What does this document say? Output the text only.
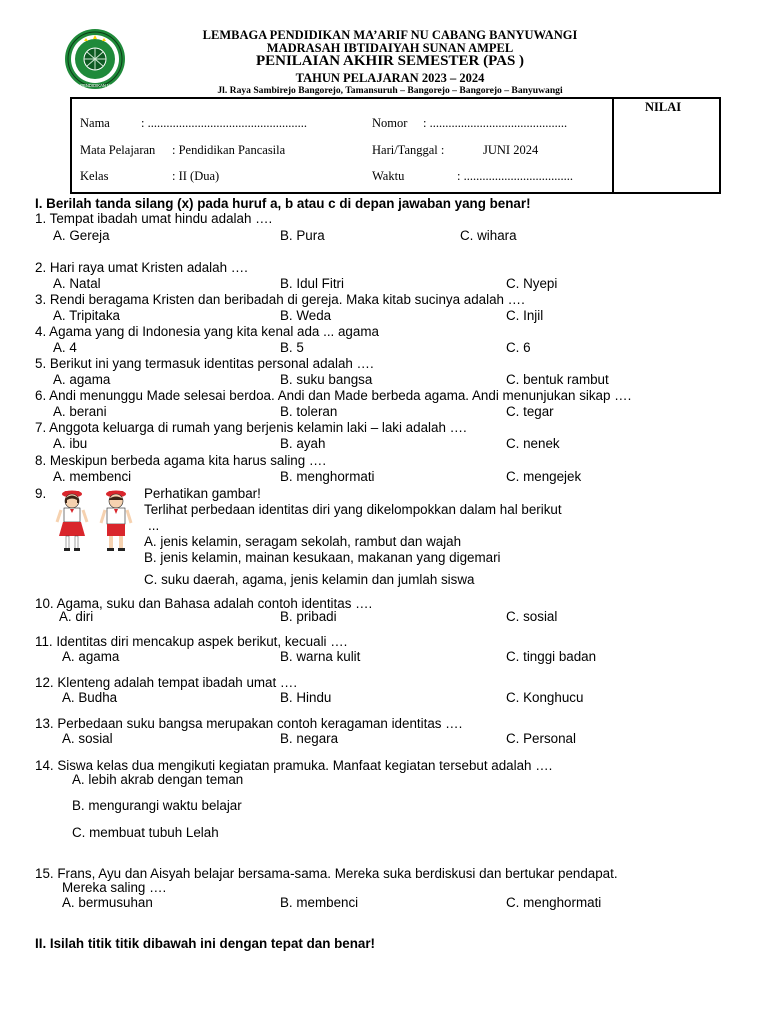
LEMBAGA PENDIDIKAN MA'ARIF NU
LEMBAGA PENDIDIKAN MA’ARIF NU CABANG BANYUWANGI
MADRASAH IBTIDAIYAH SUNAN AMPEL
PENILAIAN AKHIR SEMESTER (PAS )
TAHUN PELAJARAN 2023 – 2024
Jl. Raya Sambirejo Bangorejo, Tamansuruh – Bangorejo – Bangorejo – Banyuwangi
Nama : ...................................................	Nomor : ............................................
Mata Pelajaran : Pendidikan Pancasila	Hari/Tanggal :	JUNI 2024
Kelas	: II (Dua)	Waktu	: ...................................
NILAI
I. Berilah tanda silang (x) pada huruf a, b atau c di depan jawaban yang benar!
1. Tempat ibadah umat hindu adalah ….
A. Gereja	B. Pura	C. wihara
2. Hari raya umat Kristen adalah ….
A. Natal	B. Idul Fitri	C. Nyepi
3. Rendi beragama Kristen dan beribadah di gereja. Maka kitab sucinya adalah ….
A. Tripitaka	B. Weda	C. Injil
4. Agama yang di Indonesia yang kita kenal ada ... agama
A. 4	B. 5	C. 6
5. Berikut ini yang termasuk identitas personal adalah ….
A. agama	B. suku bangsa	C. bentuk rambut
6. Andi menunggu Made selesai berdoa. Andi dan Made berbeda agama. Andi menunjukan sikap ….
A. berani	B. toleran	C. tegar
7. Anggota keluarga di rumah yang berjenis kelamin laki – laki adalah ….
A. ibu	B. ayah	C. nenek
8. Meskipun berbeda agama kita harus saling ….
A. membenci	B. menghormati	C. mengejek
9.	Perhatikan gambar!
Terlihat perbedaan identitas diri yang dikelompokkan dalam hal berikut
...
A. jenis kelamin, seragam sekolah, rambut dan wajah
B. jenis kelamin, mainan kesukaan, makanan yang digemari
C. suku daerah, agama, jenis kelamin dan jumlah siswa
10. Agama, suku dan Bahasa adalah contoh identitas ….
A. diri	B. pribadi	C. sosial
11. Identitas diri mencakup aspek berikut, kecuali ….
A. agama	B. warna kulit	C. tinggi badan
12. Klenteng adalah tempat ibadah umat ….
A. Budha	B. Hindu	C. Konghucu
13. Perbedaan suku bangsa merupakan contoh keragaman identitas ….
A. sosial	B. negara	C. Personal
14. Siswa kelas dua mengikuti kegiatan pramuka. Manfaat kegiatan tersebut adalah ….
A. lebih akrab dengan teman
B. mengurangi waktu belajar
C. membuat tubuh Lelah
15. Frans, Ayu dan Aisyah belajar bersama-sama. Mereka suka berdiskusi dan bertukar pendapat.
Mereka saling ….
A. bermusuhan	B. membenci	C. menghormati
II. Isilah titik titik dibawah ini dengan tepat dan benar!
